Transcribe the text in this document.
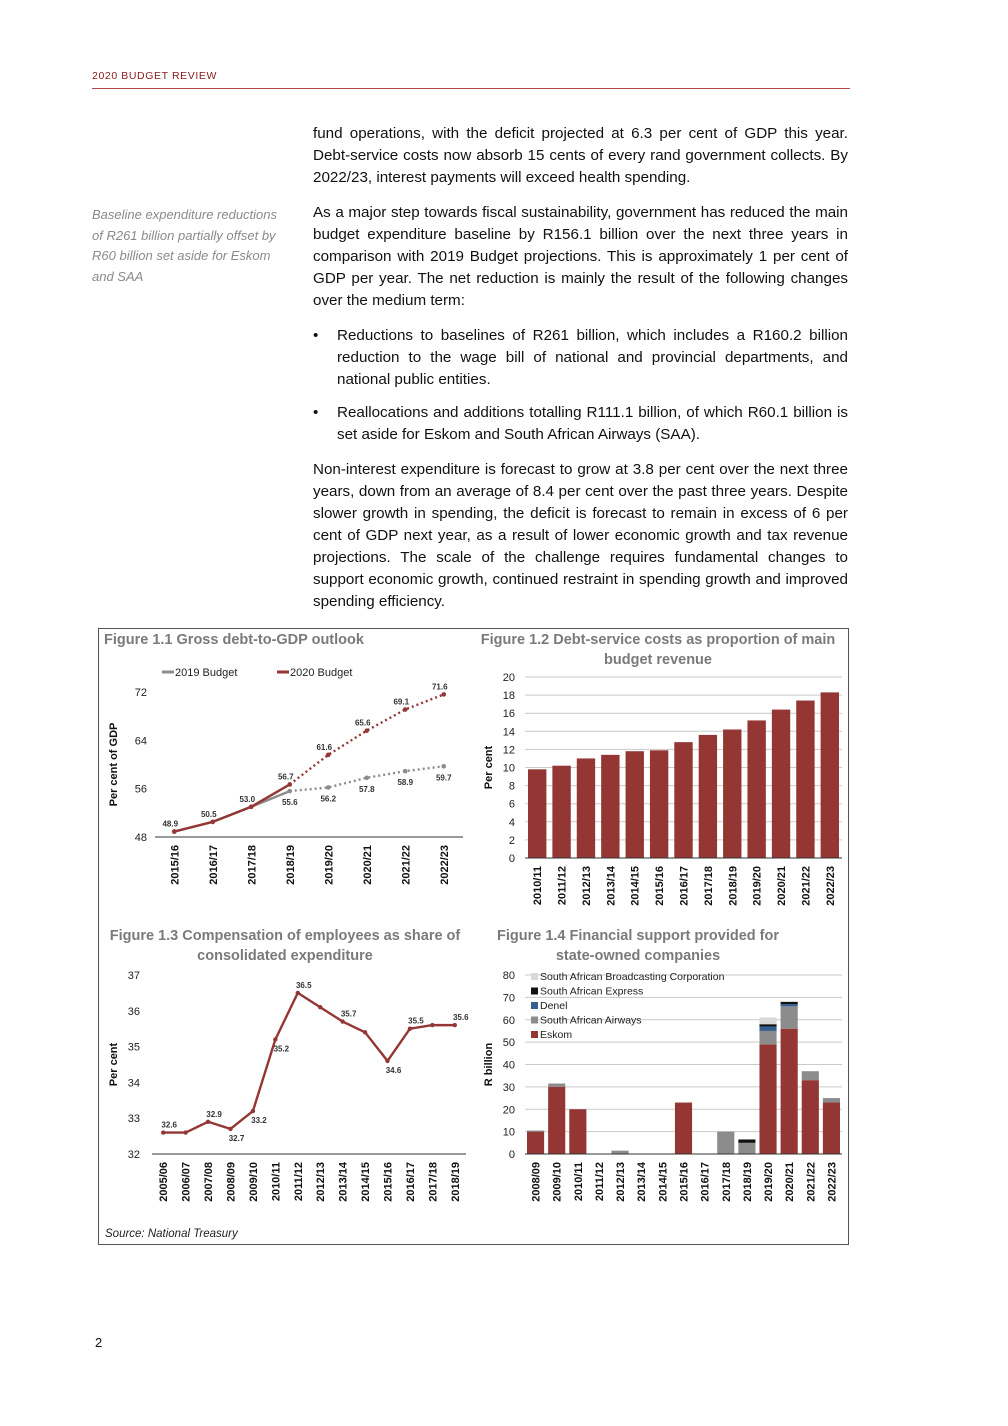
2020 BUDGET REVIEW
Baseline expenditure reductions of R261 billion partially offset by R60 billion set aside for Eskom and SAA

fund operations, with the deficit projected at 6.3 per cent of GDP this year. Debt-service costs now absorb 15 cents of every rand government collects. By 2022/23, interest payments will exceed health spending.

As a major step towards fiscal sustainability, government has reduced the main budget expenditure baseline by R156.1 billion over the next three years in comparison with 2019 Budget projections. This is approximately 1 per cent of GDP per year. The net reduction is mainly the result of the following changes over the medium term:

• Reductions to baselines of R261 billion, which includes a R160.2 billion reduction to the wage bill of national and provincial departments, and national public entities.
• Reallocations and additions totalling R111.1 billion, of which R60.1 billion is set aside for Eskom and South African Airways (SAA).

Non-interest expenditure is forecast to grow at 3.8 per cent over the next three years, down from an average of 8.4 per cent over the past three years. Despite slower growth in spending, the deficit is forecast to remain in excess of 6 per cent of GDP next year, as a result of lower economic growth and tax revenue projections. The scale of the challenge requires fundamental changes to support economic growth, continued restraint in spending growth and improved spending efficiency.

Figure 1.1 Gross debt-to-GDP outlook	Figure 1.2 Debt-service costs as proportion of main budget revenue
Figure 1.3 Compensation of employees as share of consolidated expenditure
Figure 1.4 Financial support provided for state-owned companies
48
56
64
72
Per cent of GDP
2015/16 2016/17 2017/18 2018/19 2019/20 2020/21 2021/22 2022/23
2019 Budget	2020 Budget
55.6	56.2
57.8
58.9
59.7
48.9
50.5
53.0
56.7
61.6
65.6
69.1
71.6
0
2
4
6
8
10
12
14
16
18
20
Per cent
2010/11 2011/12 2012/13 2013/14 2014/15 2015/16 2016/17 2017/18 2018/19 2019/20 2020/21 2021/22 2022/23
32
33
34
35
36
37
Per cent
2005/06 2006/07 2007/08 2008/09 2009/10 2010/11 2011/12 2012/13 2013/14 2014/15 2015/16 2016/17 2017/18 2018/19
32.6
32.9
32.7
33.2
35.2
36.5
35.7
34.6
35.5	35.6
0
10
20
30
40
50
60
70
80
R billion
2008/09 2009/10 2010/11 2011/12 2012/13 2013/14 2014/15 2015/16 2016/17 2017/18 2018/19 2019/20 2020/21 2021/22 2022/23
South African Broadcasting Corporation
South African Express
Denel
South African Airways
Eskom
Source: National Treasury
2
